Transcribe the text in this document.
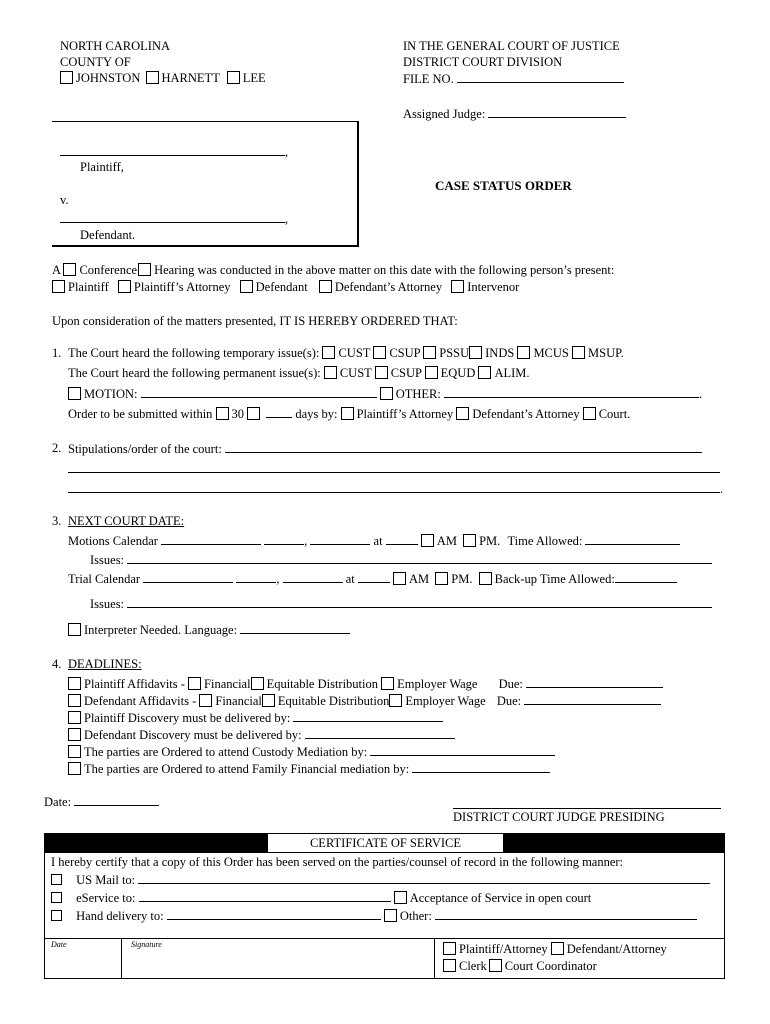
NORTH CAROLINA
COUNTY OF
JOHNSTON HARNETT LEE
IN THE GENERAL COURT OF JUSTICE
DISTRICT COURT DIVISION
FILE NO.
Assigned Judge:
,
Plaintiff,
v.
,
Defendant.
CASE STATUS ORDER
A Conference Hearing was conducted in the above matter on this date with the following person’s present:
Plaintiff Plaintiff’s Attorney Defendant Defendant’s Attorney Intervenor
Upon consideration of the matters presented, IT IS HEREBY ORDERED THAT:
1. The Court heard the following temporary issue(s): CUST CSUP PSSU INDS MCUS MSUP.
The Court heard the following permanent issue(s): CUST CSUP EQUD ALIM.
MOTION:	OTHER:	.
Order to be submitted within 30	days by: Plaintiff’s Attorney Defendant’s Attorney Court.
2. Stipulations/order of the court:
.
3. NEXT COURT DATE:
Motions Calendar	,	at	AM PM. Time Allowed:
Issues:
Trial Calendar	,	at	AM PM. Back-up Time Allowed:
Issues:
Interpreter Needed. Language:
4. DEADLINES:
Plaintiff Affidavits - Financial Equitable Distribution Employer Wage Due:
Defendant Affidavits - Financial Equitable Distribution Employer Wage Due:
Plaintiff Discovery must be delivered by:
Defendant Discovery must be delivered by:
The parties are Ordered to attend Custody Mediation by:
The parties are Ordered to attend Family Financial mediation by:
Date:
DISTRICT COURT JUDGE PRESIDING
CERTIFICATE OF SERVICE
I hereby certify that a copy of this Order has been served on the parties/counsel of record in the following manner:
US Mail to:
eService to:	Acceptance of Service in open court
Hand delivery to:	Other:
Date	Signature	Plaintiff/Attorney Defendant/Attorney
Clerk Court Coordinator
